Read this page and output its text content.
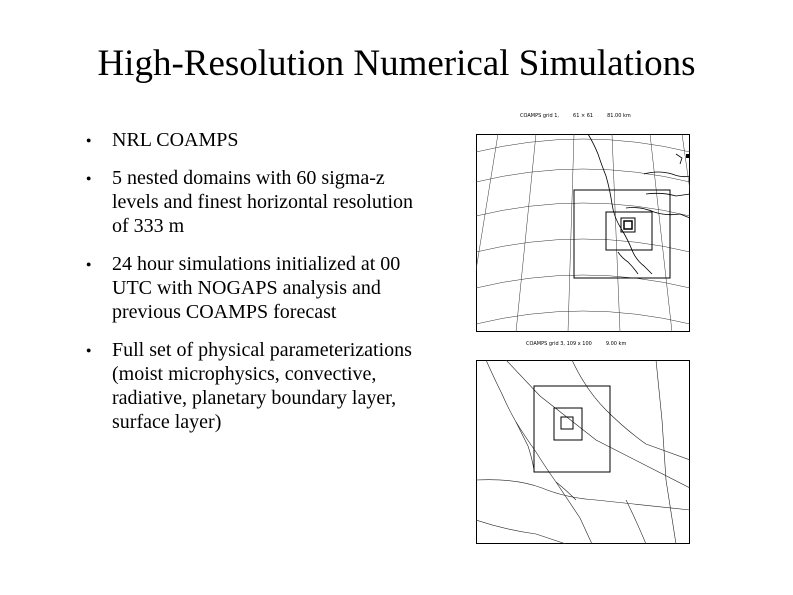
High-Resolution Numerical Simulations
● NRL COAMPS
● 5 nested domains with 60 sigma-z levels and finest horizontal resolution of 333 m
● 24 hour simulations initialized at 00 UTC with NOGAPS analysis and previous COAMPS forecast
● Full set of physical parameterizations (moist microphysics, convective, radiative, planetary boundary layer, surface layer)
COAMPS grid 1,	61 × 61	81.00 km
COAMPS grid 3, 109 x 100	9.00 km
